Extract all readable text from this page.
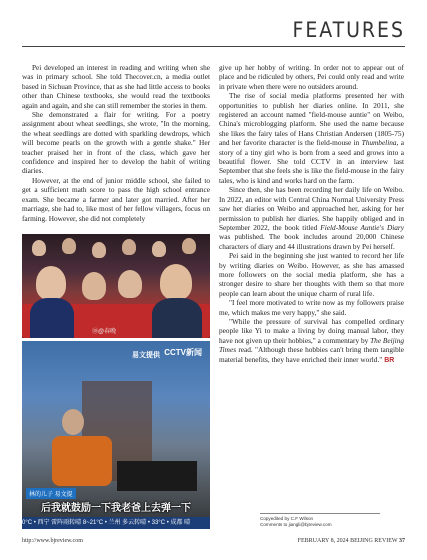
FEATURES

Pei developed an interest in reading and writing when she was in primary school. She told Thecover.cn, a media outlet based in Sichuan Province, that as she had little access to books other than Chinese textbooks, she would read the textbooks again and again, and she can still remember the stories in them.

She demonstrated a flair for writing. For a poetry assignment about wheat seedlings, she wrote, "In the morning, the wheat seedlings are dotted with sparkling dewdrops, which will become pearls on the growth with a gentle shake." Her teacher praised her in front of the class, which gave her confidence and inspired her to develop the habit of writing diaries.

However, at the end of junior middle school, she failed to get a sufficient math score to pass the high school entrance exam. She became a farmer and later got married. After her marriage, she had to, like most of her fellow villagers, focus on farming. However, she did not completely

⑩@春晚
易文提供 CCTV新闻
林的儿子 易文提
后我就鼓励一下我老爸上去弹一下
0°C • 西宁 雷阵雨转晴 8~21°C • 兰州 多云转晴 • 33°C • 成都 晴

give up her hobby of writing. In order not to appear out of place and be ridiculed by others, Pei could only read and write in private when there were no outsiders around.

The rise of social media platforms presented her with opportunities to publish her diaries online. In 2011, she registered an account named "field-mouse auntie" on Weibo, China's microblogging platform. She used the name because she likes the fairy tales of Hans Christian Andersen (1805-75) and her favorite character is the field-mouse in Thumbelina, a story of a tiny girl who is born from a seed and grows into a beautiful flower. She told CCTV in an interview last September that she feels she is like the field-mouse in the fairy tales, who is kind and works hard on the farm.

Since then, she has been recording her daily life on Weibo. In 2022, an editor with Central China Normal University Press saw her diaries on Weibo and approached her, asking for her permission to publish her diaries. She happily obliged and in September 2022, the book titled Field-Mouse Auntie's Diary was published. The book includes around 20,000 Chinese characters of diary and 44 illustrations drawn by Pei herself.

Pei said in the beginning she just wanted to record her life by writing diaries on Weibo. However, as she has amassed more followers on the social media platform, she has a stronger desire to share her thoughts with them so that more people can learn about the unique charm of rural life.

"I feel more motivated to write now as my followers praise me, which makes me very happy," she said.

"While the pressure of survival has compelled ordinary people like Yi to make a living by doing manual labor, they have not given up their hobbies," a commentary by The Beijing Times read. "Although these hobbies can't bring them tangible material benefits, they have enriched their inner world." BR

Copyedited by C.F Wilson
Comments to jiangli@bjreview.com
http://www.bjreview.com	FEBRUARY 8, 2024 BEIJING REVIEW 37
